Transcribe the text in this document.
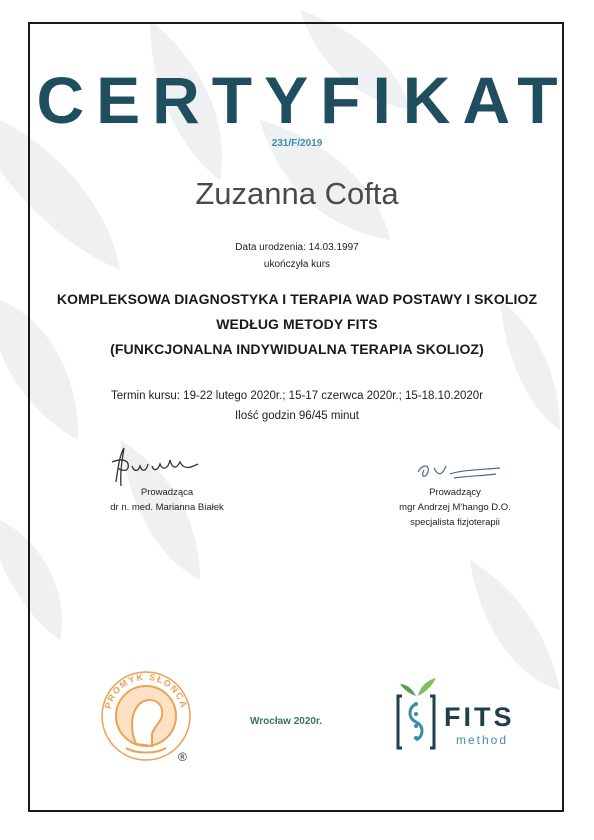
CERTYFIKAT
231/F/2019
Zuzanna Cofta
Data urodzenia: 14.03.1997
ukończyła kurs
KOMPLEKSOWA DIAGNOSTYKA I TERAPIA WAD POSTAWY I SKOLIOZ
WEDŁUG METODY FITS
(FUNKCJONALNA INDYWIDUALNA TERAPIA SKOLIOZ)
Termin kursu: 19-22 lutego 2020r.; 15-17 czerwca 2020r.; 15-18.10.2020r
Ilość godzin 96/45 minut
Prowadząca
dr n. med. Marianna Białek
Prowadzący
mgr Andrzej M'hango D.O.
specjalista fizjoterapii
PROMYK SŁOŃCA
®
Wrocław 2020r.	FITS
method
